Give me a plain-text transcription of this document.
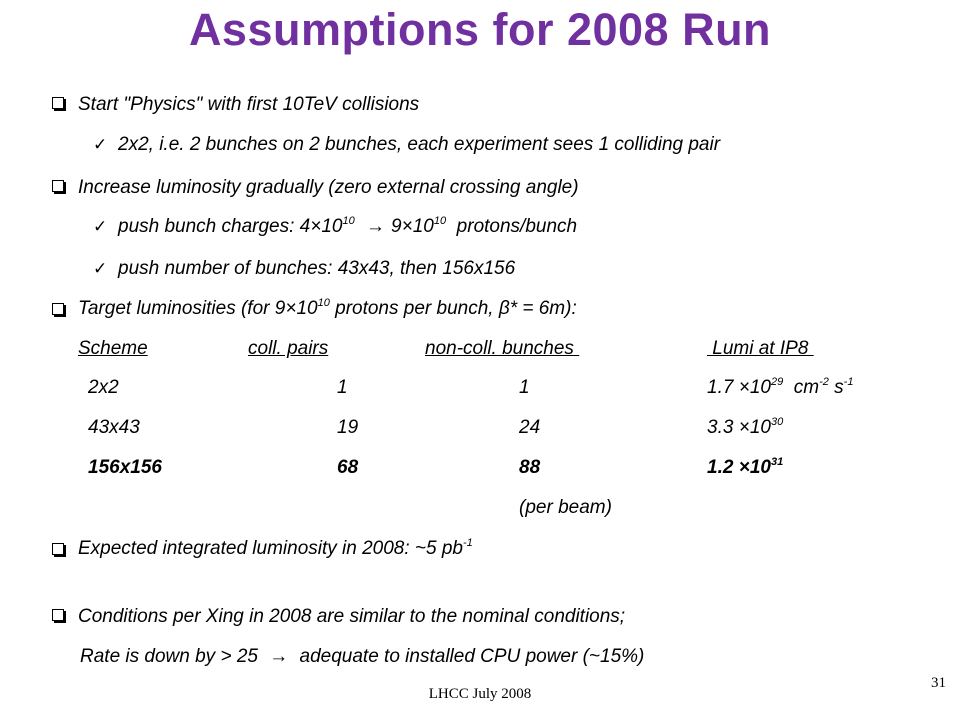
Assumptions for 2008 Run
Start "Physics" with first 10TeV collisions
✓ 2x2, i.e. 2 bunches on 2 bunches, each experiment sees 1 colliding pair
Increase luminosity gradually (zero external crossing angle)
✓ push bunch charges: $4\times 10^{10} \to 9\times 10^{10}$ protons/bunch
✓ push number of bunches: 43x43, then 156x156
Target luminosities (for $9\times 10^{10}$ protons per bunch, β* = 6m):
Scheme	coll. pairs	non-coll. bunches	Lumi at IP8
2x2	1	1	$1.7 \times 10^{29}$ $cm^{-2}$ $s^{-1}$
43x43	19	24	$3.3 \times 10^{30}$
156x156	68	88	$1.2 \times 10^{31}$
(per beam)
Expected integrated luminosity in 2008: ~5 $pb^{-1}$
Conditions per Xing in 2008 are similar to the nominal conditions;
Rate is down by > 25 → adequate to installed CPU power (~15%)
LHCC July 2008
31
